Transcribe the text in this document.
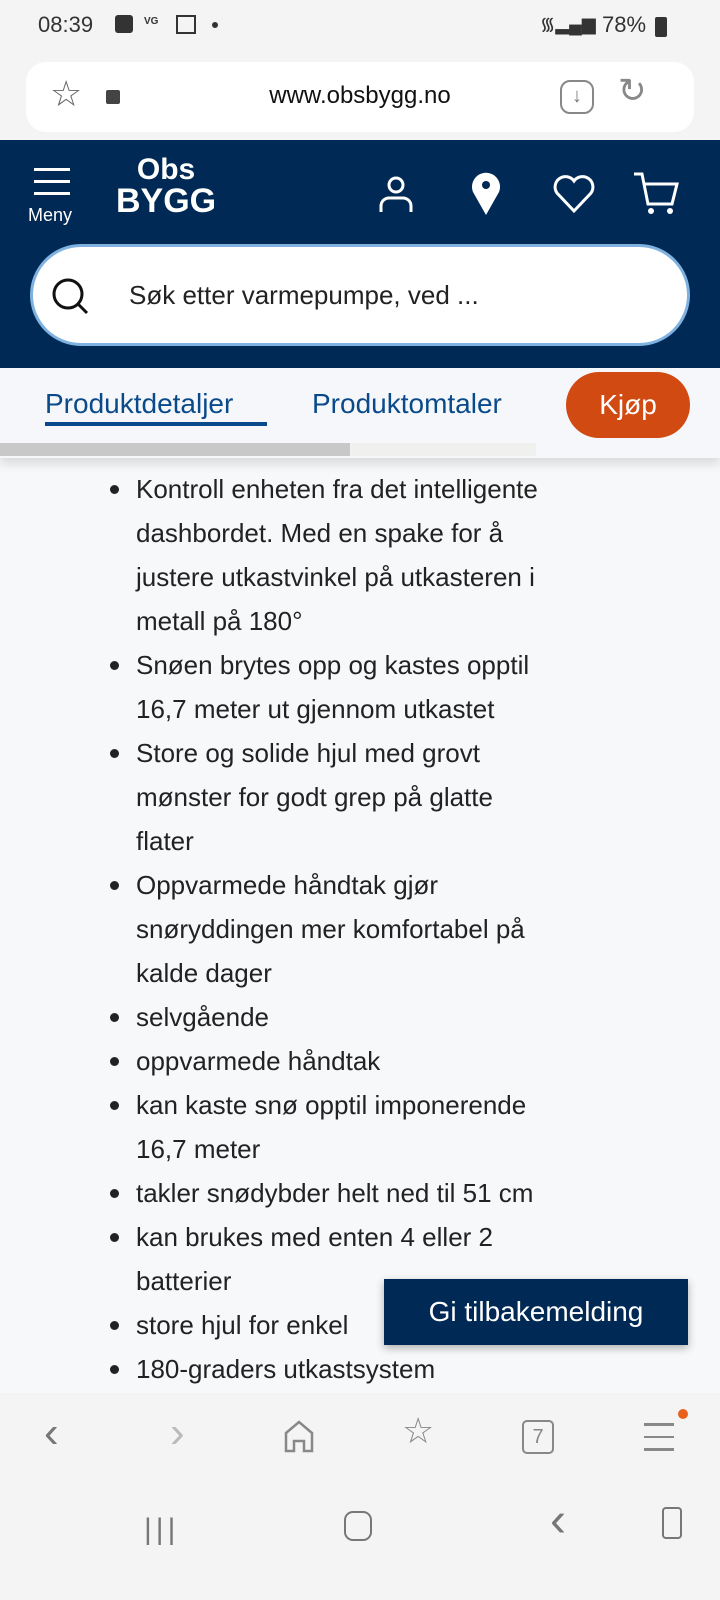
08:39	VG	᯾▂▄▆ 78%
☆	www.obsbygg.no	↓	↻
Meny
Obs
BYGG
Søk etter varmepumpe, ved ...
Produktdetaljer	Produktomtaler	Kjøp
Kontroll enheten fra det intelligente
dashbordet. Med en spake for å
justere utkastvinkel på utkasteren i
metall på 180°
Snøen brytes opp og kastes opptil
16,7 meter ut gjennom utkastet
Store og solide hjul med grovt
mønster for godt grep på glatte
flater
Oppvarmede håndtak gjør
snøryddingen mer komfortabel på
kalde dager
selvgående
oppvarmede håndtak
kan kaste snø opptil imponerende
16,7 meter
takler snødybder helt ned til 51 cm
kan brukes med enten 4 eller 2
batterier
store hjul for enkel
180-graders utkastsystem
Gi tilbakemelding
‹	›	☆	7
|||	‹
